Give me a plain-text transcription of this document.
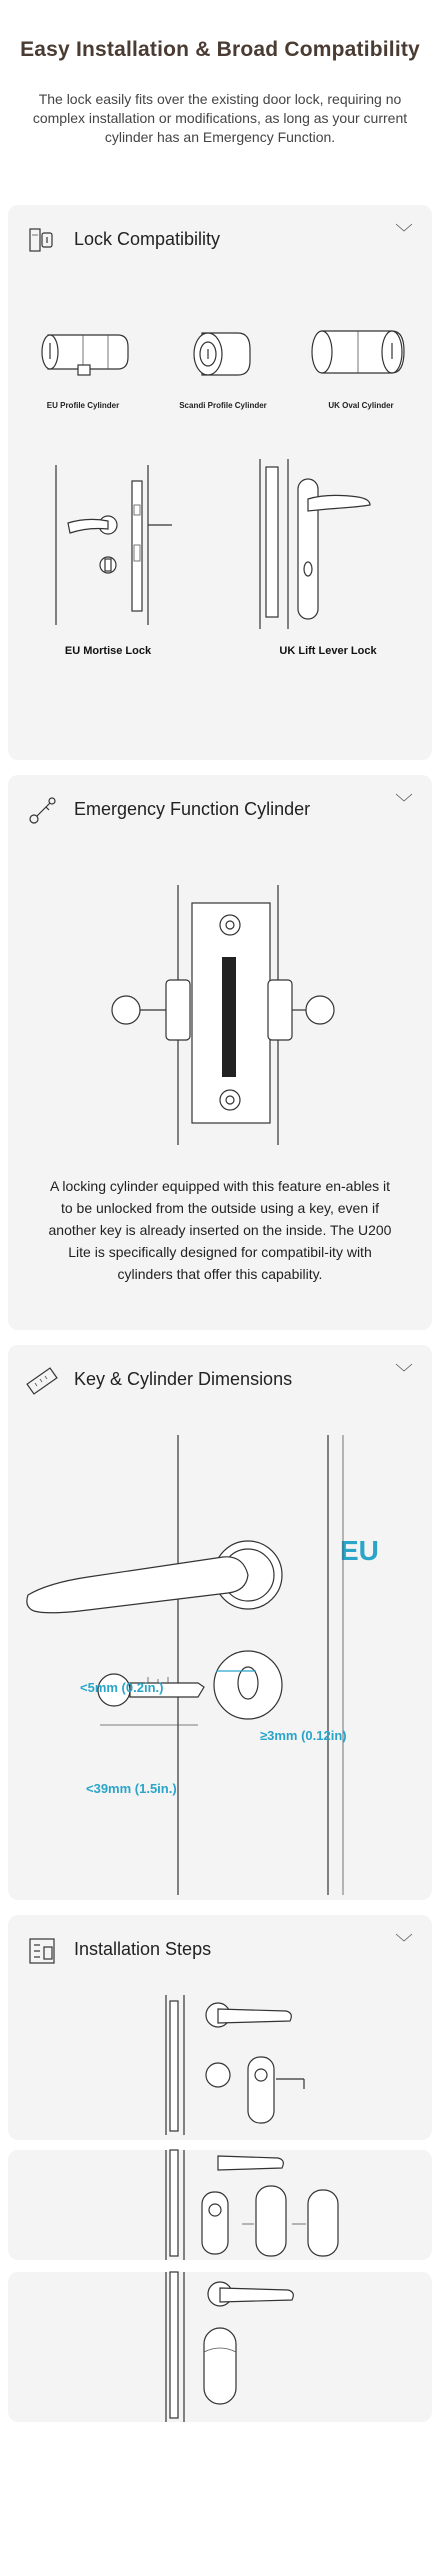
Easy Installation & Broad Compatibility
The lock easily fits over the existing door lock, requiring no complex installation or modifications, as long as your current cylinder has an Emergency Function.
Lock Compatibility
EU Profile Cylinder	Scandi Profile Cylinder	UK Oval Cylinder
EU Mortise Lock	UK Lift Lever Lock
Emergency Function Cylinder
A locking cylinder equipped with this feature en-ables it to be unlocked from the outside using a key, even if another key is already inserted on the inside. The U200 Lite is specifically designed for compatibil-ity with cylinders that offer this capability.
Key & Cylinder Dimensions
EU
<5mm (0.2in.)
≥3mm (0.12in)
<39mm (1.5in.)
Installation Steps
